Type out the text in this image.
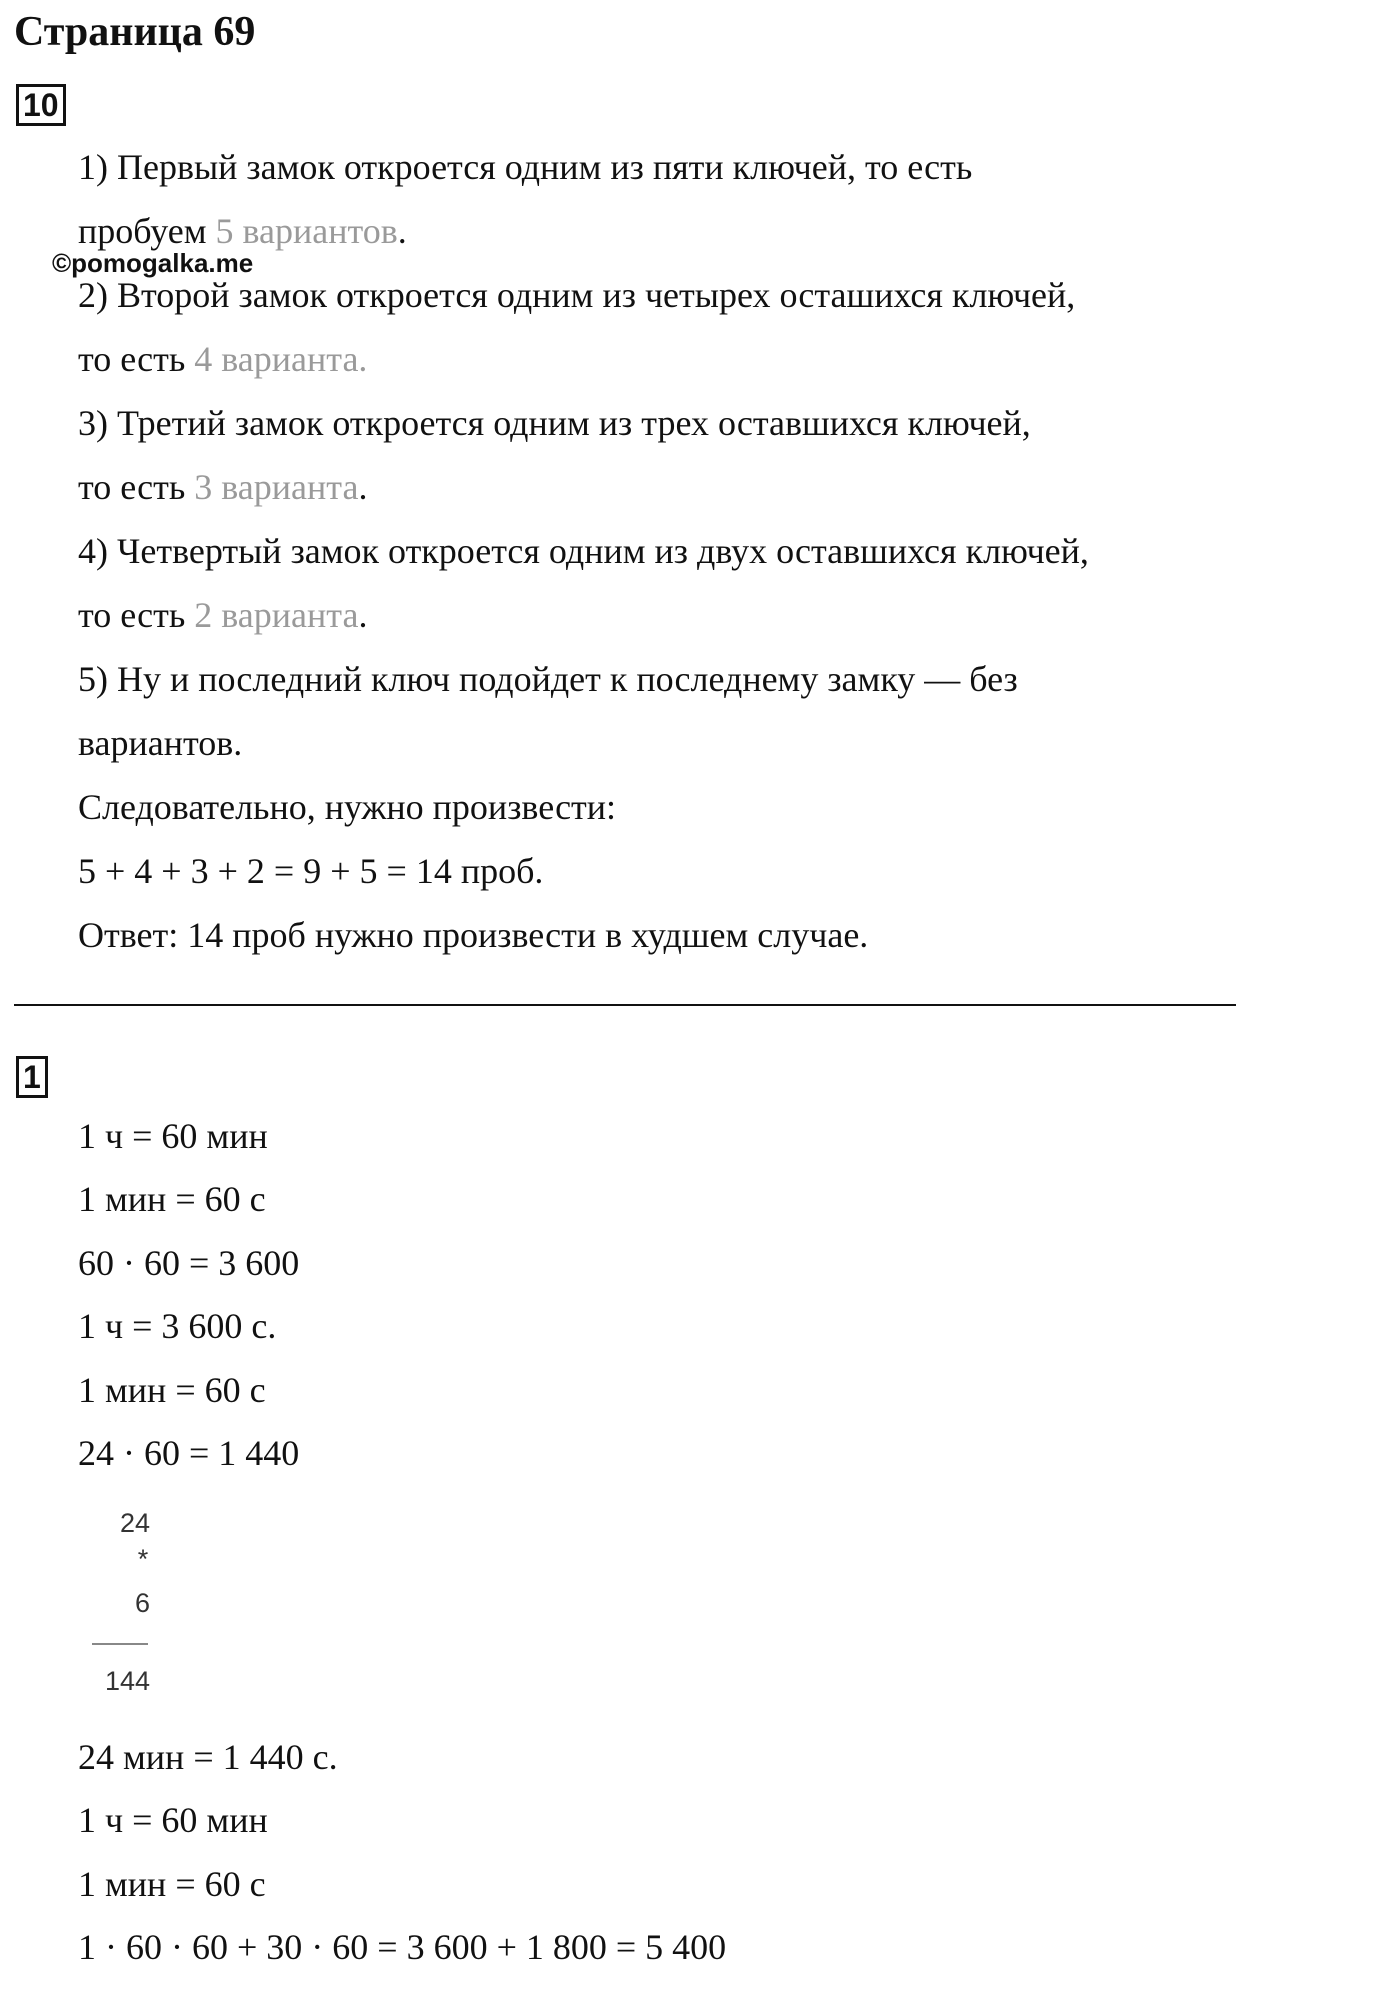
Страница 69
10
1) Первый замок откроется одним из пяти ключей, то есть
пробуем 5 вариантов.
2) Второй замок откроется одним из четырех осташихся ключей,
то есть 4 варианта.
3) Третий замок откроется одним из трех оставшихся ключей,
то есть 3 варианта.
4) Четвертый замок откроется одним из двух оставшихся ключей,
то есть 2 варианта.
5) Ну и последний ключ подойдет к последнему замку — без
вариантов.
Следовательно, нужно произвести:
5 + 4 + 3 + 2 = 9 + 5 = 14 проб.
Ответ: 14 проб нужно произвести в худшем случае.
©pomogalka.me
1
1 ч = 60 мин
1 мин = 60 с
60 · 60 = 3 600
1 ч = 3 600 с.
1 мин = 60 с
24 · 60 = 1 440
24
*
6
144
24 мин = 1 440 с.
1 ч = 60 мин
1 мин = 60 с
1 · 60 · 60 + 30 · 60 = 3 600 + 1 800 = 5 400
